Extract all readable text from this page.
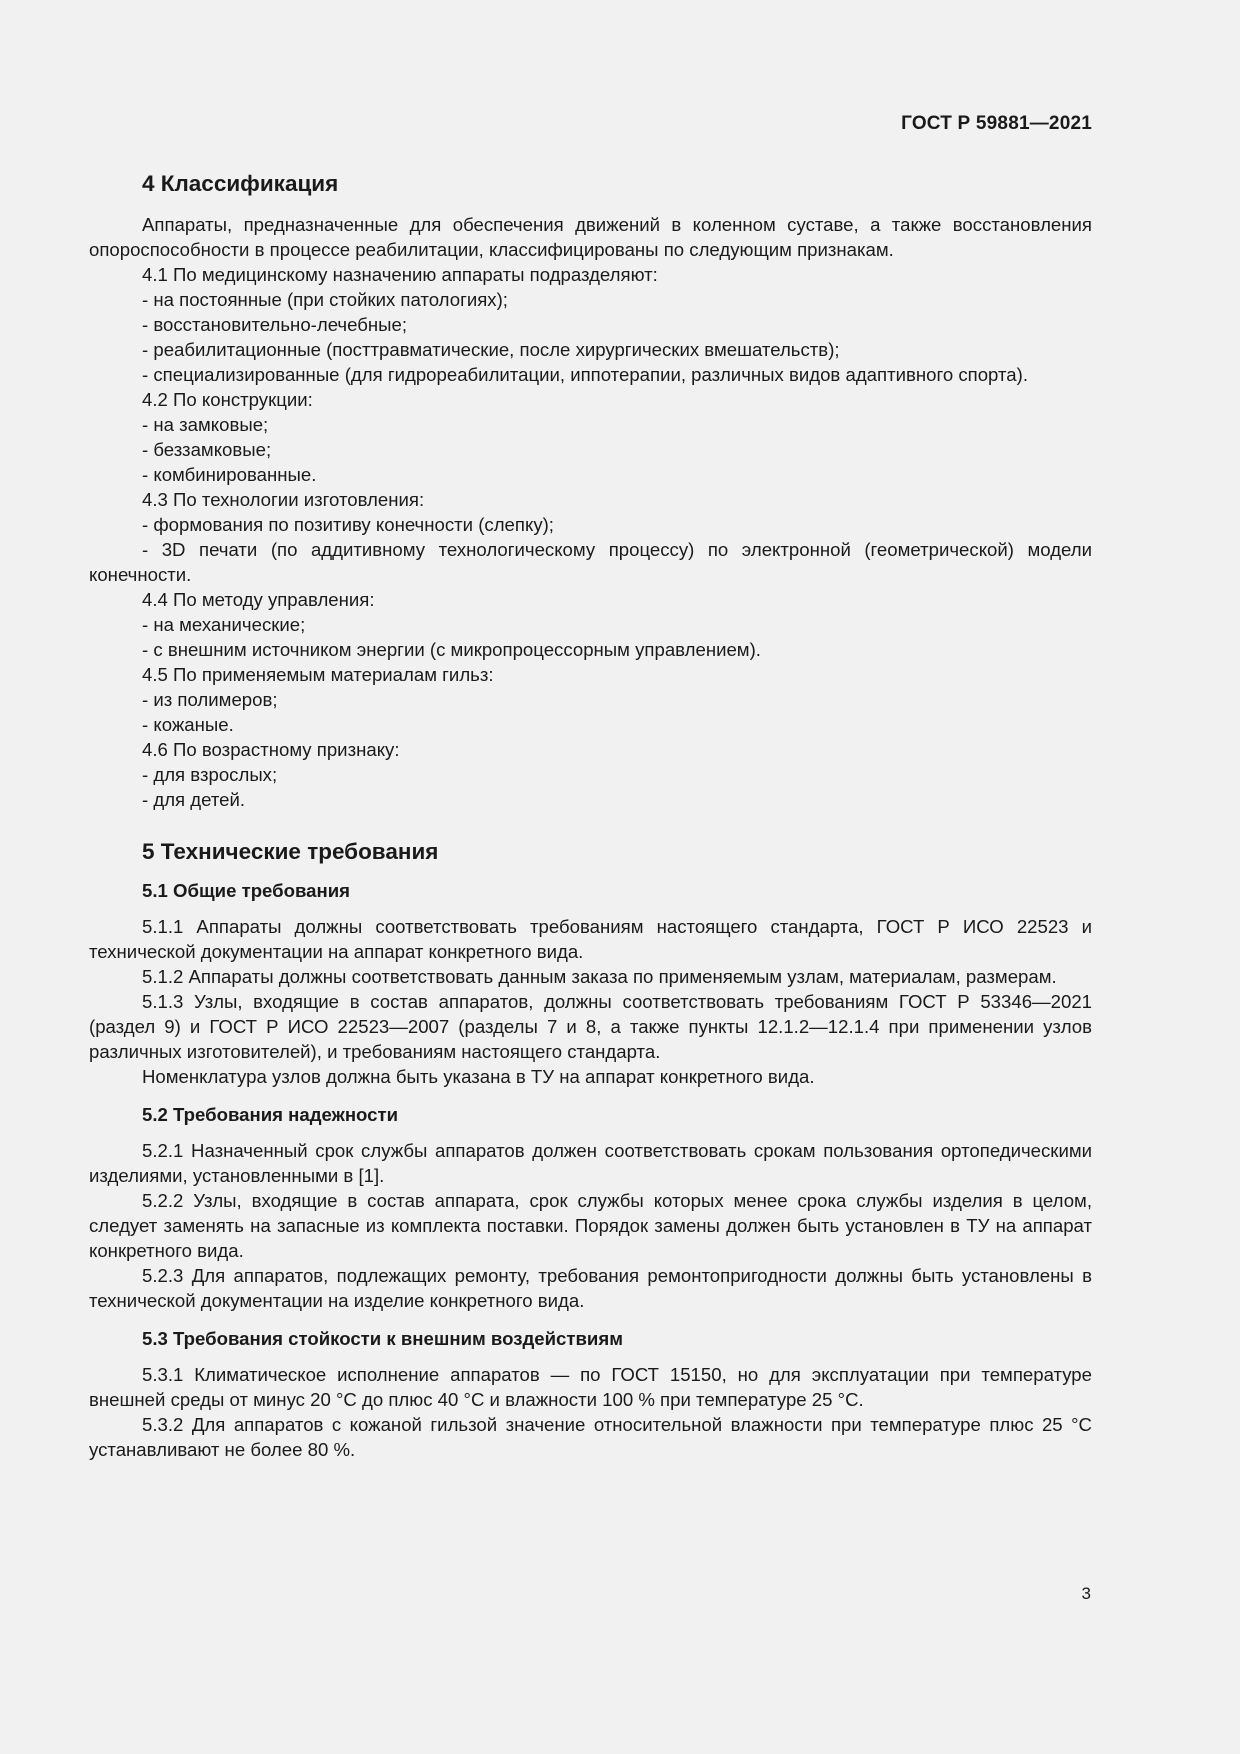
ГОСТ Р 59881—2021
4 Классификация

Аппараты, предназначенные для обеспечения движений в коленном суставе, а также восстановления опороспособности в процессе реабилитации, классифицированы по следующим признакам.

4.1 По медицинскому назначению аппараты подразделяют:
- на постоянные (при стойких патологиях);
- восстановительно-лечебные;
- реабилитационные (посттравматические, после хирургических вмешательств);

- специализированные (для гидрореабилитации, иппотерапии, различных видов адаптивного спорта).

4.2 По конструкции:
- на замковые;
- беззамковые;
- комбинированные.
4.3 По технологии изготовления:
- формования по позитиву конечности (слепку);

- 3D печати (по аддитивному технологическому процессу) по электронной (геометрической) модели конечности.

4.4 По методу управления:
- на механические;
- с внешним источником энергии (с микропроцессорным управлением).
4.5 По применяемым материалам гильз:
- из полимеров;
- кожаные.
4.6 По возрастному признаку:
- для взрослых;
- для детей.
5 Технические требования
5.1 Общие требования

5.1.1 Аппараты должны соответствовать требованиям настоящего стандарта, ГОСТ Р ИСО 22523 и технической документации на аппарат конкретного вида.

5.1.2 Аппараты должны соответствовать данным заказа по применяемым узлам, материалам, размерам.

5.1.3 Узлы, входящие в состав аппаратов, должны соответствовать требованиям ГОСТ Р 53346—2021 (раздел 9) и ГОСТ Р ИСО 22523—2007 (разделы 7 и 8, а также пункты 12.1.2—12.1.4 при применении узлов различных изготовителей), и требованиям настоящего стандарта.

Номенклатура узлов должна быть указана в ТУ на аппарат конкретного вида.

5.2 Требования надежности

5.2.1 Назначенный срок службы аппаратов должен соответствовать срокам пользования ортопедическими изделиями, установленными в [1].

5.2.2 Узлы, входящие в состав аппарата, срок службы которых менее срока службы изделия в целом, следует заменять на запасные из комплекта поставки. Порядок замены должен быть установлен в ТУ на аппарат конкретного вида.

5.2.3 Для аппаратов, подлежащих ремонту, требования ремонтопригодности должны быть установлены в технической документации на изделие конкретного вида.

5.3 Требования стойкости к внешним воздействиям

5.3.1 Климатическое исполнение аппаратов — по ГОСТ 15150, но для эксплуатации при температуре внешней среды от минус 20 °С до плюс 40 °С и влажности 100 % при температуре 25 °С.

5.3.2 Для аппаратов с кожаной гильзой значение относительной влажности при температуре плюс 25 °С устанавливают не более 80 %.

3
